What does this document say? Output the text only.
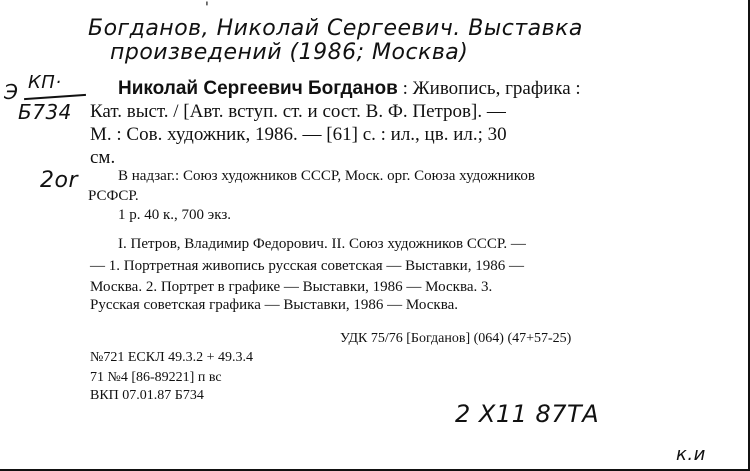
Богданов, Николай Сергеевич. Выставка
произведений (1986; Москва)
'
Э КП·
Б734
2or
Николай Сергеевич Богданов : Живопись, графика :
Кат. выст. / [Авт. вступ. ст. и сост. В. Ф. Петров]. —
М. : Сов. художник, 1986. — [61] с. : ил., цв. ил.; 30
см.
В надзаг.: Союз художников СССР, Моск. орг. Союза художников
РСФСР.
1 р. 40 к., 700 экз.
I. Петров, Владимир Федорович. II. Союз художников СССР. —
— 1. Портретная живопись русская советская — Выставки, 1986 —
Москва. 2. Портрет в графике — Выставки, 1986 — Москва. 3.
Русская советская графика — Выставки, 1986 — Москва.
УДК 75/76 [Богданов] (064) (47+57-25)
№721 ЕСКЛ 49.3.2 + 49.3.4
71 №4 [86-89221] п вс
ВКП 07.01.87 Б734
2 X11 87ТА
к.и
